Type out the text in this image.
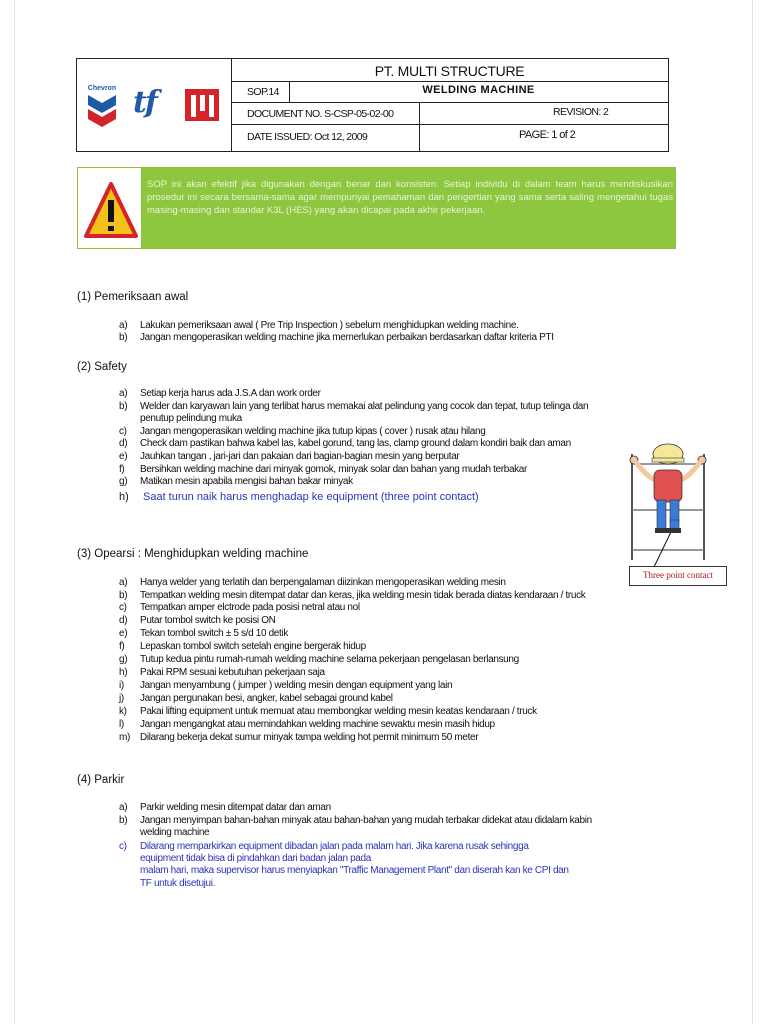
Chevron tf
PT. MULTI STRUCTURE
SOP.14	WELDING MACHINE
DOCUMENT NO. S-CSP-05-02-00	REVISION: 2
DATE ISSUED: Oct 12, 2009	PAGE: 1 of 2
SOP ini akan efektif jika digunakan dengan benar dan konsisten. Setiap individu di dalam team harus mendiskusikan prosedur ini secara bersama-sama agar mempunyai pemahaman dan pengertian yang sama serta saling mengetahui tugas masing-masing dan standar K3L (HES) yang akan dicapai pada akhir pekerjaan.
(1) Pemeriksaan awal
a) Lakukan pemeriksaan awal ( Pre Trip Inspection ) sebelum menghidupkan welding machine.
b) Jangan mengoperasikan welding machine jika memerlukan perbaikan berdasarkan daftar kriteria PTI
(2) Safety
a) Setiap kerja harus ada J.S.A dan work order
b) Welder dan karyawan lain yang terlibat harus memakai alat pelindung yang cocok dan tepat, tutup telinga dan
penutup pelindung muka
c) Jangan mengoperasikan welding machine jika tutup kipas ( cover ) rusak atau hilang
d) Check dam pastikan bahwa kabel las, kabel gorund, tang las, clamp ground dalam kondiri baik dan aman
e) Jauhkan tangan , jari-jari dan pakaian dari bagian-bagian mesin yang berputar
f) Bersihkan welding machine dari minyak gomok, minyak solar dan bahan yang mudah terbakar
g) Matikan mesin apabila mengisi bahan bakar minyak
h) Saat turun naik harus menghadap ke equipment (three point contact)
Three point contact
(3) Opearsi : Menghidupkan welding machine
a) Hanya welder yang terlatih dan berpengalaman diizinkan mengoperasikan welding mesin
b) Tempatkan welding mesin ditempat datar dan keras, jika welding mesin tidak berada diatas kendaraan / truck
c) Tempatkan amper elctrode pada posisi netral atau nol
d) Putar tombol switch ke posisi ON
e) Tekan tombol switch ± 5 s/d 10 detik
f) Lepaskan tombol switch setelah engine bergerak hidup
g) Tutup kedua pintu rumah-rumah welding machine selama pekerjaan pengelasan berlansung
h) Pakai RPM sesuai kebutuhan pekerjaan saja
i) Jangan menyambung ( jumper ) welding mesin dengan equipment yang lain
j) Jangan pergunakan besi, angker, kabel sebagai ground kabel
k) Pakai lifting equipment untuk memuat atau membongkar welding mesin keatas kendaraan / truck
l) Jangan mengangkat atau memindahkan welding machine sewaktu mesin masih hidup
m) Dilarang bekerja dekat sumur minyak tampa welding hot permit minimum 50 meter
(4) Parkir
a) Parkir welding mesin ditempat datar dan aman
b) Jangan menyimpan bahan-bahan minyak atau bahan-bahan yang mudah terbakar didekat atau didalam kabin
welding machine
c) Dilarang memparkirkan equipment dibadan jalan pada malam hari. Jika karena rusak sehingga
equipment tidak bisa di pindahkan dari badan jalan pada
malam hari, maka supervisor harus menyiapkan "Traffic Management Plant" dan diserah kan ke CPI dan
TF untuk disetujui.
